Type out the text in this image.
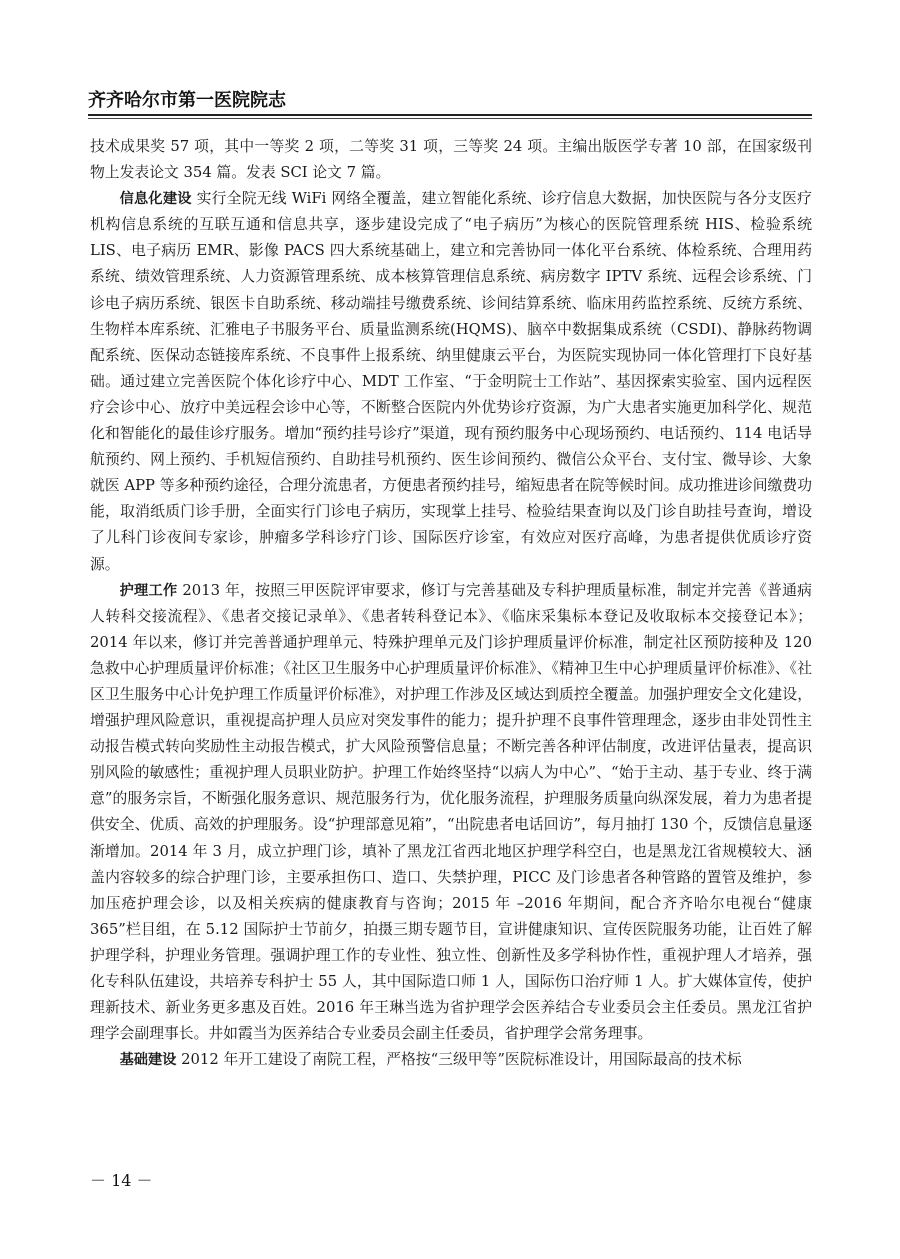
齐齐哈尔市第一医院院志

技术成果奖 57 项，其中一等奖 2 项，二等奖 31 项，三等奖 24 项。主编出版医学专著 10 部，在国家级刊物上发表论文 354 篇。发表 SCI 论文 7 篇。

信息化建设 实行全院无线 WiFi 网络全覆盖，建立智能化系统、诊疗信息大数据，加快医院与各分支医疗机构信息系统的互联互通和信息共享，逐步建设完成了“电子病历”为核心的医院管理系统 HIS、检验系统 LIS、电子病历 EMR、影像 PACS 四大系统基础上，建立和完善协同一体化平台系统、体检系统、合理用药系统、绩效管理系统、人力资源管理系统、成本核算管理信息系统、病房数字 IPTV 系统、远程会诊系统、门诊电子病历系统、银医卡自助系统、移动端挂号缴费系统、诊间结算系统、临床用药监控系统、反统方系统、生物样本库系统、汇雅电子书服务平台、质量监测系统(HQMS)、脑卒中数据集成系统（CSDI)、静脉药物调配系统、医保动态链接库系统、不良事件上报系统、纳里健康云平台，为医院实现协同一体化管理打下良好基础。通过建立完善医院个体化诊疗中心、MDT 工作室、“于金明院士工作站”、基因探索实验室、国内远程医疗会诊中心、放疗中美远程会诊中心等，不断整合医院内外优势诊疗资源，为广大患者实施更加科学化、规范化和智能化的最佳诊疗服务。增加“预约挂号诊疗”渠道，现有预约服务中心现场预约、电话预约、114 电话导航预约、网上预约、手机短信预约、自助挂号机预约、医生诊间预约、微信公众平台、支付宝、微导诊、大象就医 APP 等多种预约途径，合理分流患者，方便患者预约挂号，缩短患者在院等候时间。成功推进诊间缴费功能，取消纸质门诊手册，全面实行门诊电子病历，实现掌上挂号、检验结果查询以及门诊自助挂号查询，增设了儿科门诊夜间专家诊，肿瘤多学科诊疗门诊、国际医疗诊室，有效应对医疗高峰，为患者提供优质诊疗资源。

护理工作 2013 年，按照三甲医院评审要求，修订与完善基础及专科护理质量标准，制定并完善《普通病人转科交接流程》、《患者交接记录单》、《患者转科登记本》、《临床采集标本登记及收取标本交接登记本》；2014 年以来，修订并完善普通护理单元、特殊护理单元及门诊护理质量评价标准，制定社区预防接种及 120 急救中心护理质量评价标准；《社区卫生服务中心护理质量评价标准》、《精神卫生中心护理质量评价标准》、《社区卫生服务中心计免护理工作质量评价标准》，对护理工作涉及区域达到质控全覆盖。加强护理安全文化建设，增强护理风险意识，重视提高护理人员应对突发事件的能力；提升护理不良事件管理理念，逐步由非处罚性主动报告模式转向奖励性主动报告模式，扩大风险预警信息量；不断完善各种评估制度，改进评估量表，提高识别风险的敏感性；重视护理人员职业防护。护理工作始终坚持“以病人为中心”、“始于主动、基于专业、终于满意”的服务宗旨，不断强化服务意识、规范服务行为，优化服务流程，护理服务质量向纵深发展，着力为患者提供安全、优质、高效的护理服务。设“护理部意见箱”，“出院患者电话回访”，每月抽打 130 个，反馈信息量逐渐增加。2014 年 3 月，成立护理门诊，填补了黑龙江省西北地区护理学科空白，也是黑龙江省规模较大、涵盖内容较多的综合护理门诊，主要承担伤口、造口、失禁护理，PICC 及门诊患者各种管路的置管及维护，参加压疮护理会诊，以及相关疾病的健康教育与咨询；2015 年 –2016 年期间，配合齐齐哈尔电视台“健康 365”栏目组，在 5.12 国际护士节前夕，拍摄三期专题节目，宣讲健康知识、宣传医院服务功能，让百姓了解护理学科，护理业务管理。强调护理工作的专业性、独立性、创新性及多学科协作性，重视护理人才培养，强化专科队伍建设，共培养专科护士 55 人，其中国际造口师 1 人，国际伤口治疗师 1 人。扩大媒体宣传，使护理新技术、新业务更多惠及百姓。2016 年王琳当选为省护理学会医养结合专业委员会主任委员。黑龙江省护理学会副理事长。井如霞当为医养结合专业委员会副主任委员，省护理学会常务理事。

基础建设 2012 年开工建设了南院工程，严格按“三级甲等”医院标准设计，用国际最高的技术标

－ 14 －
